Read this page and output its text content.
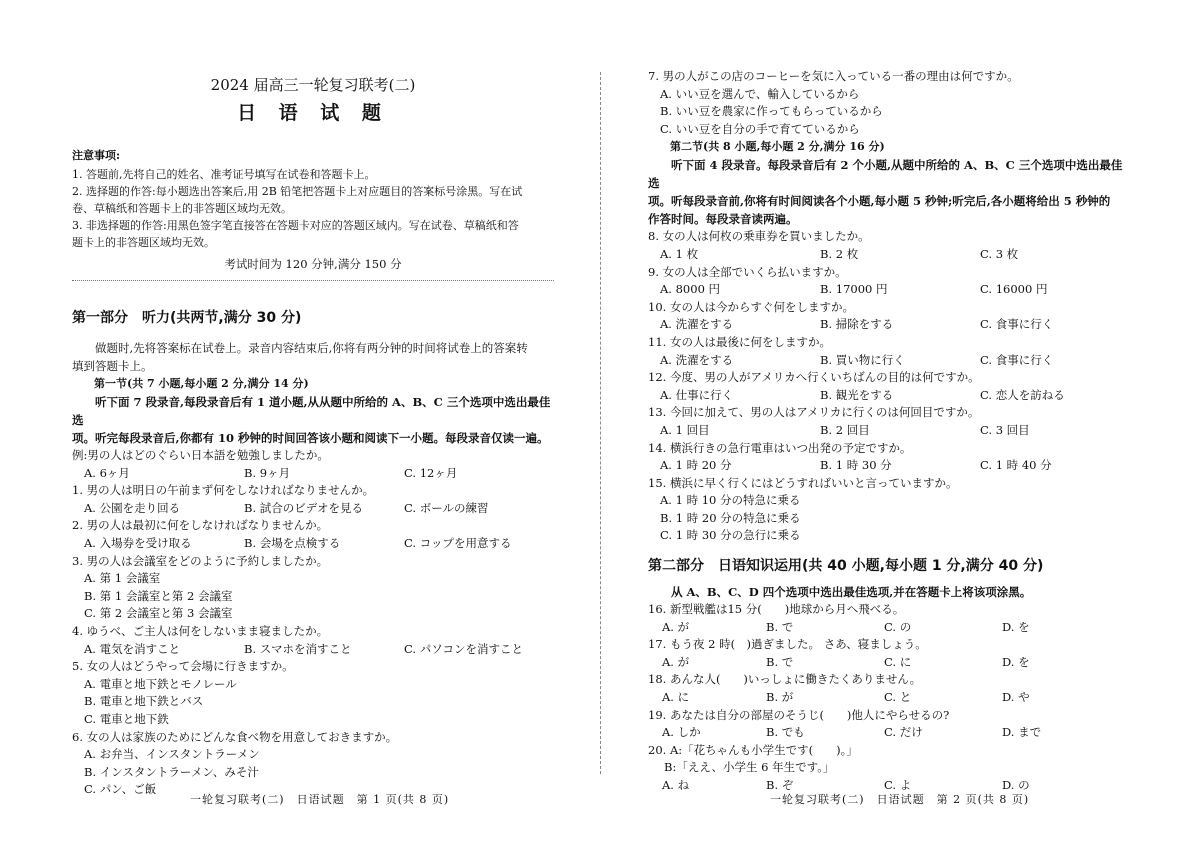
2024 届高三一轮复习联考(二)
日 语 试 题
注意事项:
1. 答题前,先将自己的姓名、准考证号填写在试卷和答题卡上。
2. 选择题的作答:每小题选出答案后,用 2B 铅笔把答题卡上对应题目的答案标号涂黑。写在试
卷、草稿纸和答题卡上的非答题区域均无效。
3. 非选择题的作答:用黑色签字笔直接答在答题卡对应的答题区域内。写在试卷、草稿纸和答
题卡上的非答题区域均无效。
考试时间为 120 分钟,满分 150 分
第一部分　听力(共两节,满分 30 分)

做题时,先将答案标在试卷上。录音内容结束后,你将有两分钟的时间将试卷上的答案转

填到答题卡上。

第一节(共 7 小题,每小题 2 分,满分 14 分)

听下面 7 段录音,每段录音后有 1 道小题,从从题中所给的 A、B、C 三个选项中选出最佳选

项。听完每段录音后,你都有 10 秒钟的时间回答该小题和阅读下一小题。每段录音仅读一遍。

例:男の人はどのぐらい日本語を勉強しましたか。
A. 6ヶ月	B. 9ヶ月	C. 12ヶ月
1. 男の人は明日の午前まず何をしなければなりませんか。
A. 公園を走り回る	B. 試合のビデオを見る	C. ボールの練習
2. 男の人は最初に何をしなければなりませんか。
A. 入場券を受け取る	B. 会場を点検する	C. コップを用意する
3. 男の人は会議室をどのように予約しましたか。
A. 第 1 会議室
B. 第 1 会議室と第 2 会議室
C. 第 2 会議室と第 3 会議室
4. ゆうべ、ご主人は何をしないまま寝ましたか。
A. 電気を消すこと	B. スマホを消すこと	C. パソコンを消すこと
5. 女の人はどうやって会場に行きますか。
A. 電車と地下鉄とモノレール
B. 電車と地下鉄とバス
C. 電車と地下鉄
6. 女の人は家族のためにどんな食べ物を用意しておきますか。
A. お弁当、インスタントラーメン
B. インスタントラーメン、みそ汁
C. パン、ご飯
7. 男の人がこの店のコーヒーを気に入っている一番の理由は何ですか。
A. いい豆を選んで、輸入しているから
B. いい豆を農家に作ってもらっているから
C. いい豆を自分の手で育てているから
第二节(共 8 小题,每小题 2 分,满分 16 分)

听下面 4 段录音。每段录音后有 2 个小题,从题中所给的 A、B、C 三个选项中选出最佳选

项。听每段录音前,你将有时间阅读各个小题,每小题 5 秒钟;听完后,各小题将给出 5 秒钟的

作答时间。每段录音读两遍。

8. 女の人は何枚の乗車券を買いましたか。
A. 1 枚	B. 2 枚	C. 3 枚
9. 女の人は全部でいくら払いますか。
A. 8000 円	B. 17000 円	C. 16000 円
10. 女の人は今からすぐ何をしますか。
A. 洗濯をする	B. 掃除をする	C. 食事に行く
11. 女の人は最後に何をしますか。
A. 洗濯をする	B. 買い物に行く	C. 食事に行く
12. 今度、男の人がアメリカへ行くいちばんの目的は何ですか。
A. 仕事に行く	B. 観光をする	C. 恋人を訪ねる
13. 今回に加えて、男の人はアメリカに行くのは何回目ですか。
A. 1 回目	B. 2 回目	C. 3 回目
14. 横浜行きの急行電車はいつ出発の予定ですか。
A. 1 時 20 分	B. 1 時 30 分	C. 1 時 40 分
15. 横浜に早く行くにはどうすればいいと言っていますか。
A. 1 時 10 分の特急に乗る
B. 1 時 20 分の特急に乗る
C. 1 時 30 分の急行に乗る
第二部分　日语知识运用(共 40 小题,每小题 1 分,满分 40 分)

从 A、B、C、D 四个选项中选出最佳选项,并在答题卡上将该项涂黑。

16. 新型戦艦は15 分(　　)地球から月へ飛べる。
A. が	B. で	C. の	D. を
17. もう夜 2 時(　)過ぎました。 さあ、寝ましょう。
A. が	B. で	C. に	D. を
18. あんな人(　　)いっしょに働きたくありません。
A. に	B. が	C. と	D. や
19. あなたは自分の部屋のそうじ(　　)他人にやらせるの?
A. しか	B. でも	C. だけ	D. まで
20. A:「花ちゃんも小学生です(　　)。」
B:「ええ、小学生 6 年生です。」
A. ね	B. ぞ	C. よ	D. の
一轮复习联考(二)　日语试题　第 1 页(共 8 页)	一轮复习联考(二)　日语试题　第 2 页(共 8 页)
